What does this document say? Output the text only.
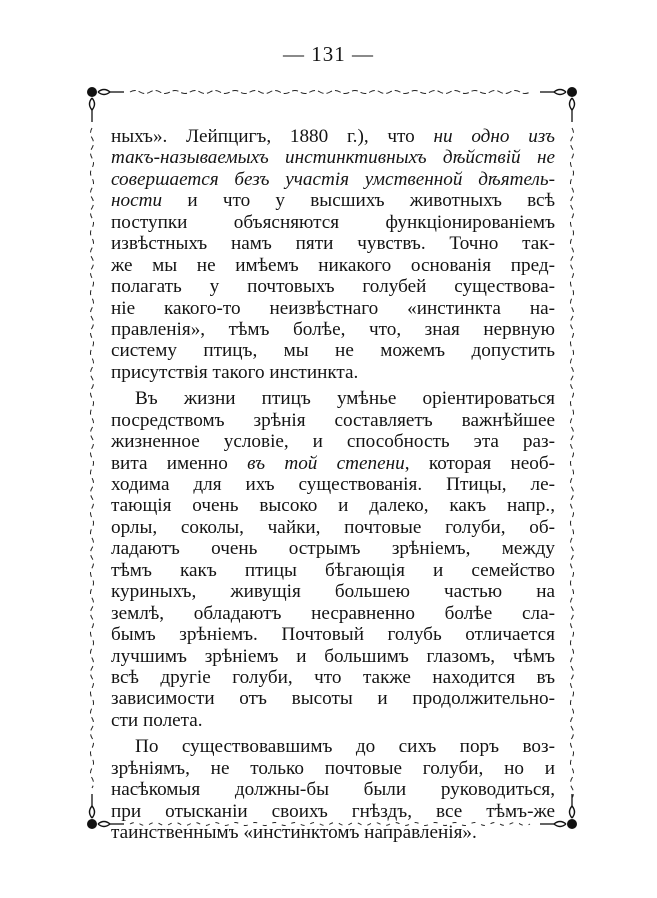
— 131 —
ныхъ». Лейпцигъ, 1880 г.), что ни одно изъ
такъ-называемыхъ инстинктивныхъ дѣйствій не
совершается безъ участія умственной дѣятель-
ности и что у высшихъ животныхъ всѣ
поступки объясняются функціонированіемъ
извѣстныхъ намъ пяти чувствъ. Точно так-
же мы не имѣемъ никакого основанія пред-
полагать у почтовыхъ голубей существова-
ніе какого-то неизвѣстнаго «инстинкта на-
правленія», тѣмъ болѣе, что, зная нервную
систему птицъ, мы не можемъ допустить
присутствія такого инстинкта.
Въ жизни птицъ умѣнье оріентироваться
посредствомъ зрѣнія составляетъ важнѣйшее
жизненное условіе, и способность эта раз-
вита именно въ той степени, которая необ-
ходима для ихъ существованія. Птицы, ле-
тающія очень высоко и далеко, какъ напр.,
орлы, соколы, чайки, почтовые голуби, об-
ладаютъ очень острымъ зрѣніемъ, между
тѣмъ какъ птицы бѣгающія и семейство
куриныхъ, живущія большею частью на
землѣ, обладаютъ несравненно болѣе сла-
бымъ зрѣніемъ. Почтовый голубь отличается
лучшимъ зрѣніемъ и большимъ глазомъ, чѣмъ
всѣ другіе голуби, что также находится въ
зависимости отъ высоты и продолжительно-
сти полета.
По существовавшимъ до сихъ поръ воз-
зрѣніямъ, не только почтовые голуби, но и
насѣкомыя должны-бы были руководиться,
при отысканіи своихъ гнѣздъ, все тѣмъ-же
таинственнымъ «инстинктомъ направленія».
